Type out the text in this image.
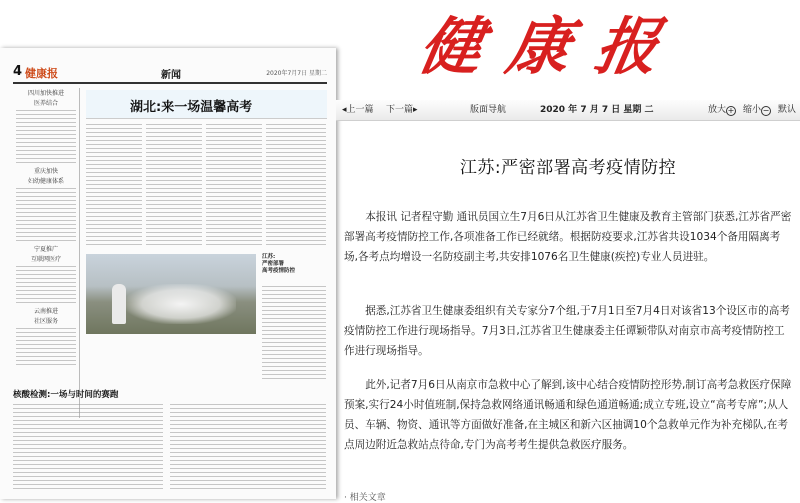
健康报
4 健康报	新闻	2020年7月7日 星期二
四川加快推进
医养结合
重庆加快
妇幼健康体系
宁夏推广
互联网医疗
云南推进
社区服务
湖北:来一场温馨高考
江苏:
严密部署
高考疫情防控
核酸检测:一场与时间的赛跑
◂上一篇 下一篇▸	版面导航	2020 年 7 月 7 日 星期 二	放大 + 缩小 − 默认
江苏:严密部署高考疫情防控

本报讯 记者程守勤 通讯员国立生7月6日从江苏省卫生健康及教育主管部门获悉,江苏省严密部署高考疫情防控工作,各项准备工作已经就绪。根据防疫要求,江苏省共设1034个备用隔离考场,各考点均增设一名防疫副主考,共安排1076名卫生健康(疾控)专业人员进驻。

据悉,江苏省卫生健康委组织有关专家分7个组,于7月1日至7月4日对该省13个设区市的高考疫情防控工作进行现场指导。7月3日,江苏省卫生健康委主任谭颖带队对南京市高考疫情防控工作进行现场指导。

此外,记者7月6日从南京市急救中心了解到,该中心结合疫情防控形势,制订高考急救医疗保障预案,实行24小时值班制,保持急救网络通讯畅通和绿色通道畅通;成立专班,设立“高考专席”;从人员、车辆、物资、通讯等方面做好准备,在主城区和新六区抽调10个急救单元作为补充梯队,在考点周边附近急救站点待命,专门为高考考生提供急救医疗服务。

· 相关文章
